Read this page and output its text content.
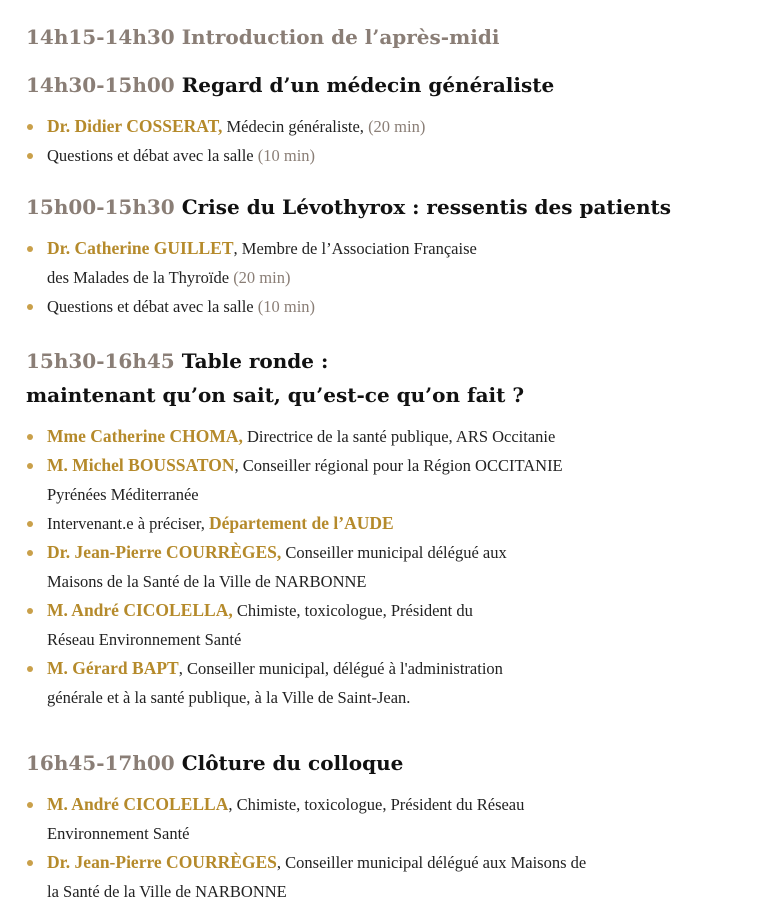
14h15-14h30 Introduction de l’après-midi
14h30-15h00 Regard d’un médecin généraliste
Dr. Didier COSSERAT, Médecin généraliste, (20 min)
Questions et débat avec la salle (10 min)
15h00-15h30 Crise du Lévothyrox : ressentis des patients
Dr. Catherine GUILLET, Membre de l’Association Française
des Malades de la Thyroïde (20 min)
Questions et débat avec la salle (10 min)
15h30-16h45 Table ronde :
maintenant qu’on sait, qu’est-ce qu’on fait ?
Mme Catherine CHOMA, Directrice de la santé publique, ARS Occitanie
M. Michel BOUSSATON, Conseiller régional pour la Région OCCITANIE
Pyrénées Méditerranée
Intervenant.e à préciser, Département de l’AUDE
Dr. Jean-Pierre COURRÈGES, Conseiller municipal délégué aux
Maisons de la Santé de la Ville de NARBONNE
M. André CICOLELLA, Chimiste, toxicologue, Président du
Réseau Environnement Santé
M. Gérard BAPT, Conseiller municipal, délégué à l'administration
générale et à la santé publique, à la Ville de Saint-Jean.
16h45-17h00 Clôture du colloque
M. André CICOLELLA, Chimiste, toxicologue, Président du Réseau
Environnement Santé
Dr. Jean-Pierre COURRÈGES, Conseiller municipal délégué aux Maisons de
la Santé de la Ville de NARBONNE
